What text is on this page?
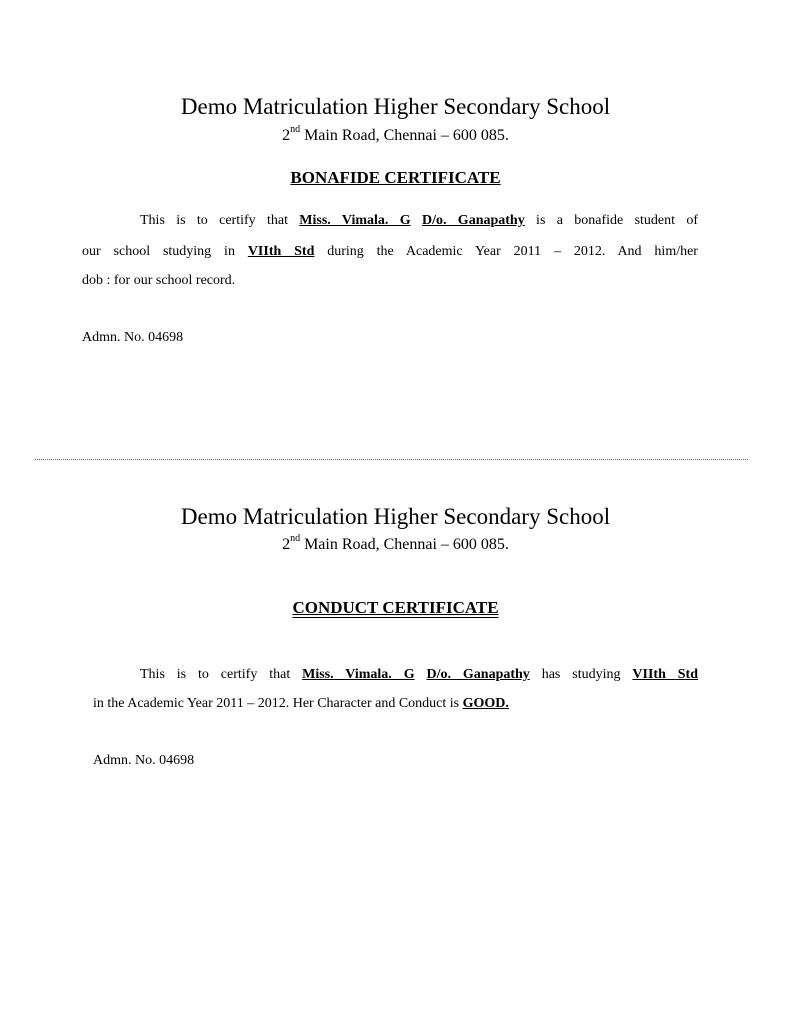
Demo Matriculation Higher Secondary School
2nd Main Road, Chennai – 600 085.
BONAFIDE CERTIFICATE
This is to certify that Miss. Vimala. G D/o. Ganapathy is a bonafide student of
our school studying in VIIth Std during the Academic Year 2011 – 2012. And him/her
dob : for our school record.
Admn. No. 04698
Demo Matriculation Higher Secondary School
2nd Main Road, Chennai – 600 085.
CONDUCT CERTIFICATE
This is to certify that Miss. Vimala. G D/o. Ganapathy has studying VIIth Std
in the Academic Year 2011 – 2012. Her Character and Conduct is GOOD.
Admn. No. 04698
